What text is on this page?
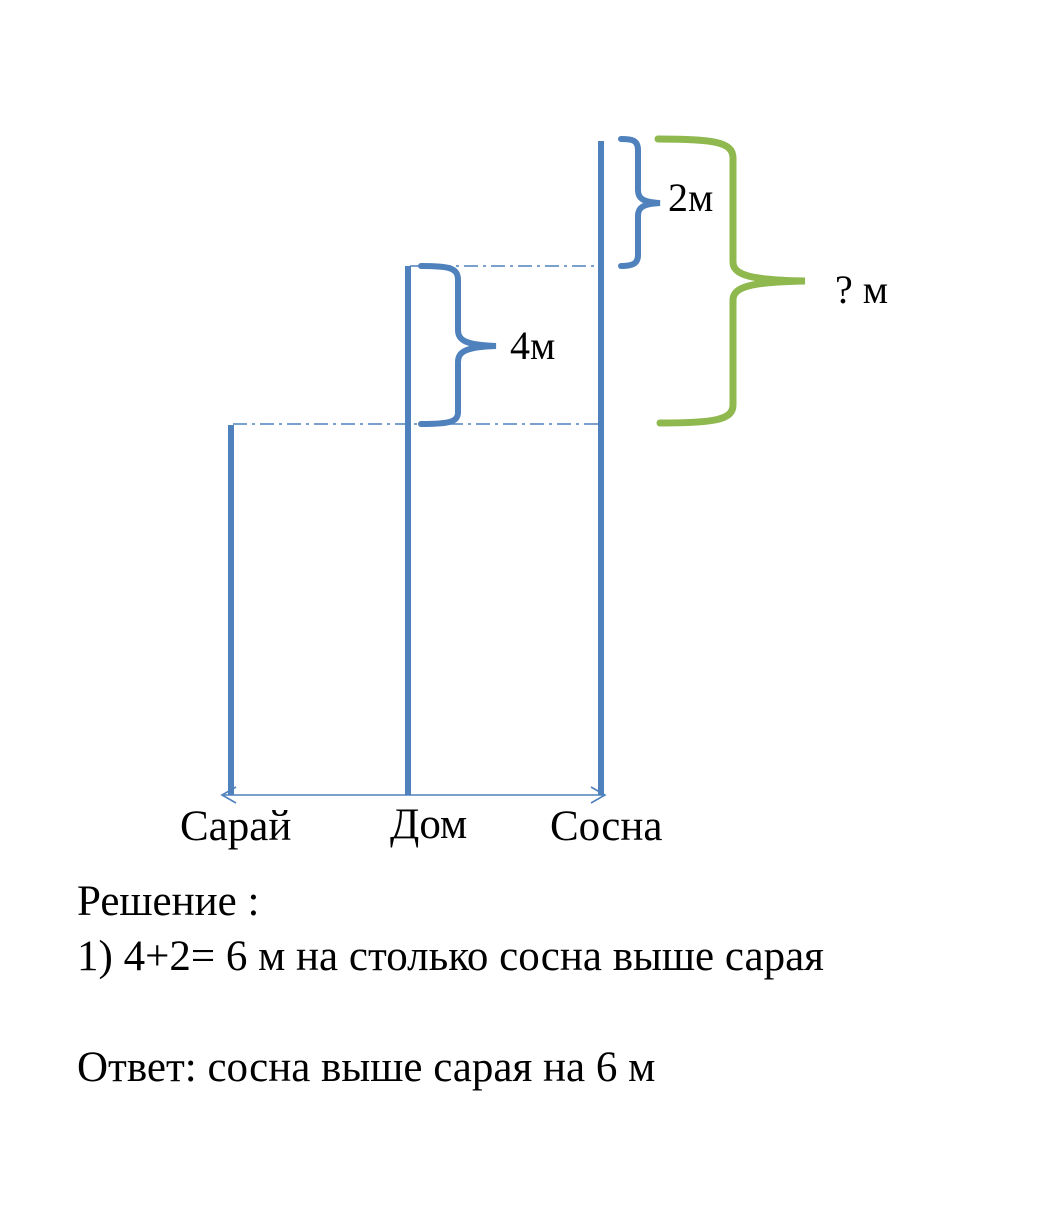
2м
4м
? м
Сарай Дом Сосна
Решение :
1) 4+2= 6 м на столько сосна выше сарая
Ответ: сосна выше сарая на 6 м
